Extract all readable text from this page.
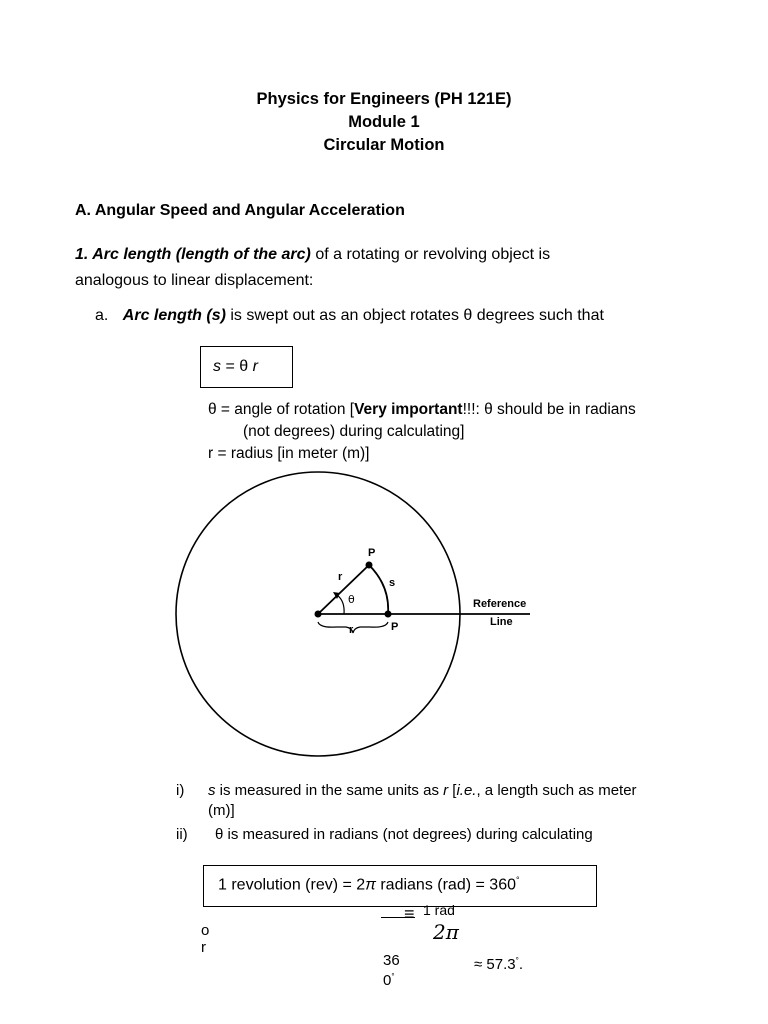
Physics for Engineers (PH 121E)
Module 1
Circular Motion
A. Angular Speed and Angular Acceleration
1. Arc length (length of the arc) of a rotating or revolving object is
analogous to linear displacement:
a. Arc length (s) is swept out as an object rotates θ degrees such that
s = θ r
θ = angle of rotation [Very important!!!: θ should be in radians
(not degrees) during calculating]
r = radius [in meter (m)]
P
r	s
θ
P
r
Reference
Line
i) s is measured in the same units as r [i.e., a length such as meter
(m)]
ii) θ is measured in radians (not degrees) during calculating
1 revolution (rev) = 2π radians (rad) = 360°
o
r
≡ 1 rad
2π
36
0°
≈ 57.3°.
